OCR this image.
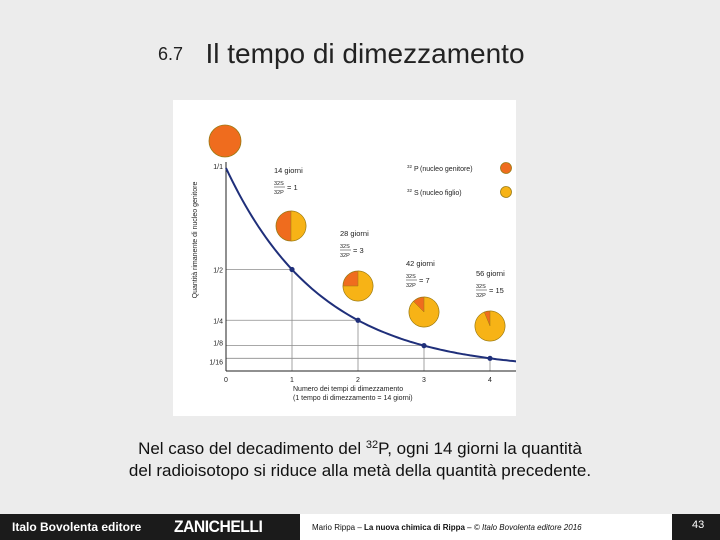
6.7 Il tempo di dimezzamento
0	1	2	3	4
1/1
1/2
1/4
1/8
1/16
Quantità rimanente di nucleo genitore
Numero dei tempi di dimezzamento
(1 tempo di dimezzamento = 14 giorni)
14 giorni
32S
32P
= 1
28 giorni
32S
32P
= 3
42 giorni
32S
32P
= 7
56 giorni
32S
32P
= 15
32 P (nucleo genitore)
32 S (nucleo figlio)
Nel caso del decadimento del $^{32}$P, ogni 14 giorni la quantità
del radioisotopo si riduce alla metà della quantità precedente.
Italo Bovolenta editore ZANICHELLI	Mario Rippa – La nuova chimica di Rippa – © Italo Bovolenta editore 2016	43
